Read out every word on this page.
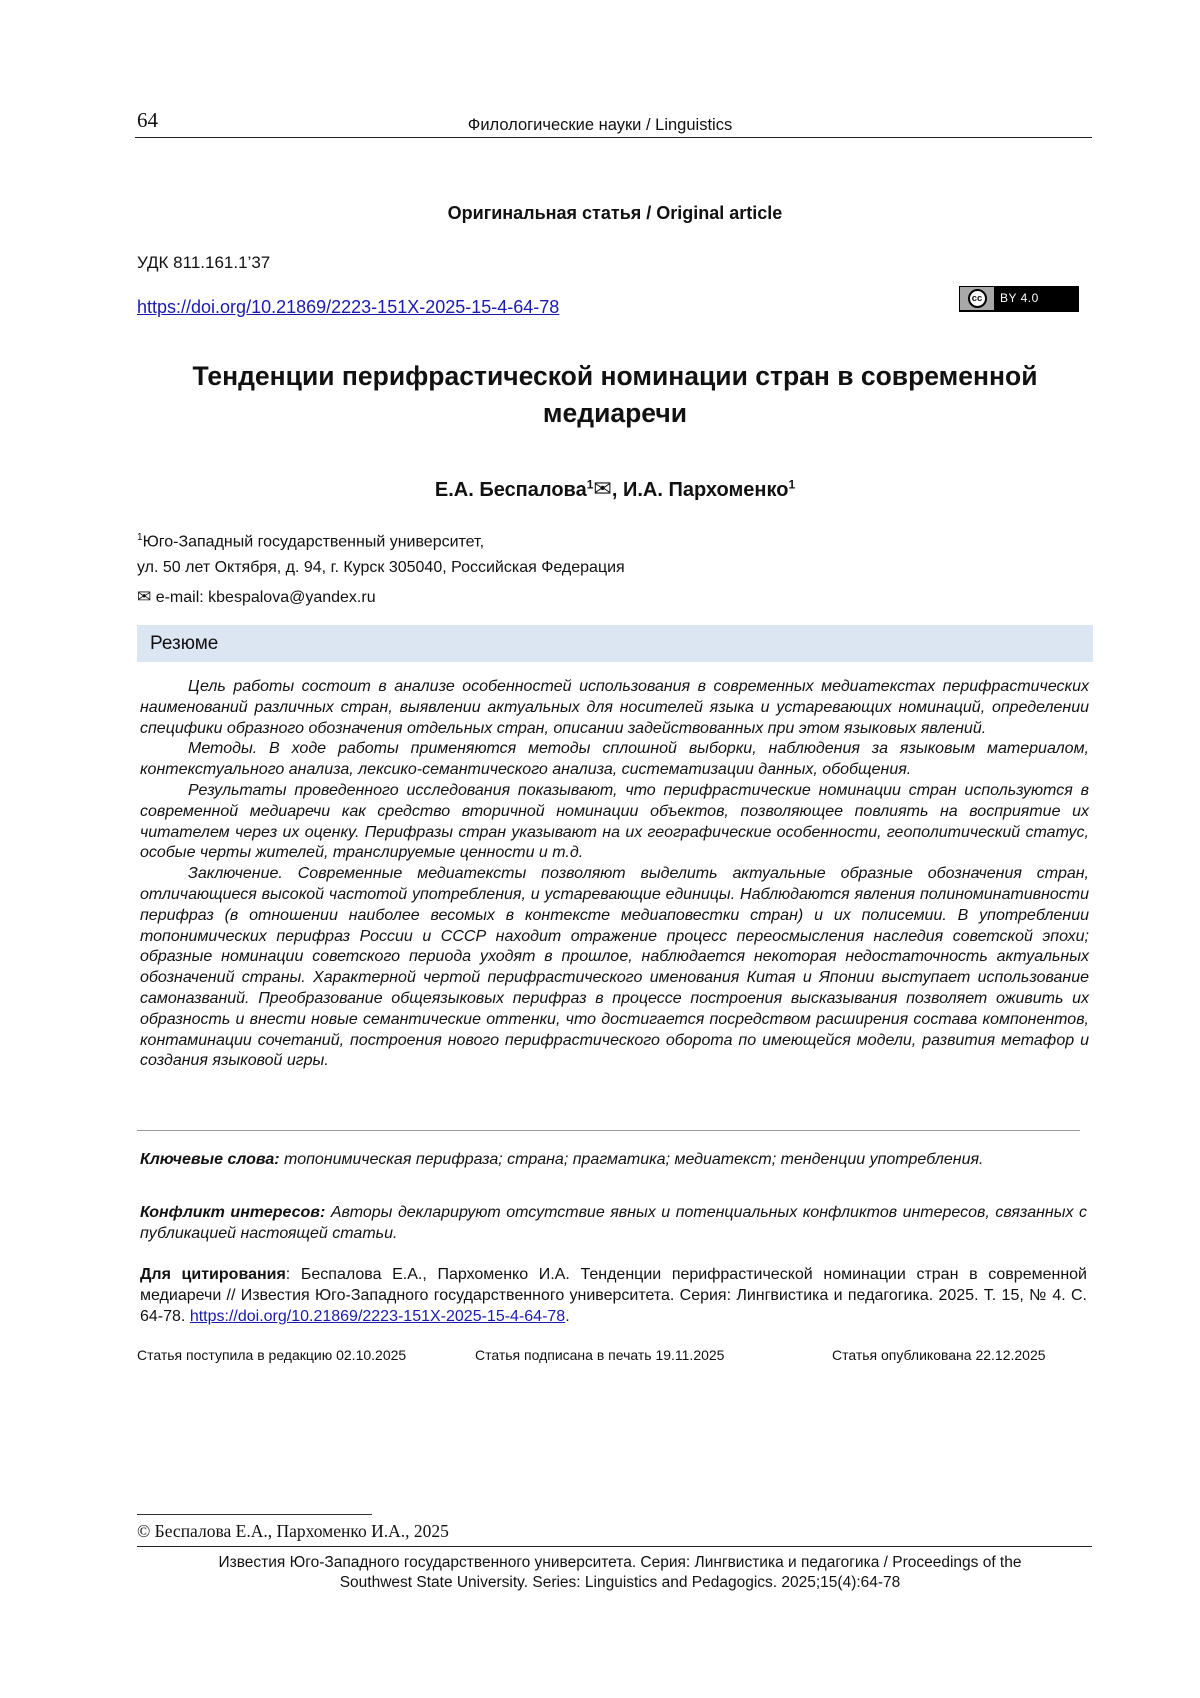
64	Филологические науки / Linguistics
Оригинальная статья / Original article
УДК 811.161.1’37
https://doi.org/10.21869/2223-151X-2025-15-4-64-78	cc	BY 4.0
Тенденции перифрастической номинации стран в современной медиаречи
Е.А. Беспалова$^1$✉, И.А. Пархоменко$^1$
$^1$Юго-Западный государственный университет,
ул. 50 лет Октября, д. 94, г. Курск 305040, Российская Федерация
✉ e-mail: kbespalova@yandex.ru
Резюме

Цель работы состоит в анализе особенностей использования в современных медиатекстах перифрастических наименований различных стран, выявлении актуальных для носителей языка и устаревающих номинаций, определении специфики образного обозначения отдельных стран, описании задействованных при этом языковых явлений.

Методы. В ходе работы применяются методы сплошной выборки, наблюдения за языковым материалом, контекстуального анализа, лексико-семантического анализа, систематизации данных, обобщения.

Результаты проведенного исследования показывают, что перифрастические номинации стран используются в современной медиаречи как средство вторичной номинации объектов, позволяющее повлиять на восприятие их читателем через их оценку. Перифразы стран указывают на их географические особенности, геополитический статус, особые черты жителей, транслируемые ценности и т.д.

Заключение. Современные медиатексты позволяют выделить актуальные образные обозначения стран, отличающиеся высокой частотой употребления, и устаревающие единицы. Наблюдаются явления полиноминативности перифраз (в отношении наиболее весомых в контексте медиаповестки стран) и их полисемии. В употреблении топонимических перифраз России и СССР находит отражение процесс переосмысления наследия советской эпохи; образные номинации советского периода уходят в прошлое, наблюдается некоторая недостаточность актуальных обозначений страны. Характерной чертой перифрастического именования Китая и Японии выступает использование самоназваний. Преобразование общеязыковых перифраз в процессе построения высказывания позволяет оживить их образность и внести новые семантические оттенки, что достигается посредством расширения состава компонентов, контаминации сочетаний, построения нового перифрастического оборота по имеющейся модели, развития метафор и создания языковой игры.

Ключевые слова: топонимическая перифраза; страна; прагматика; медиатекст; тенденции употребления.
Конфликт интересов: Авторы декларируют отсутствие явных и потенциальных конфликтов интересов, связанных с публикацией настоящей статьи.
Для цитирования: Беспалова Е.А., Пархоменко И.А. Тенденции перифрастической номинации стран в современной медиаречи // Известия Юго-Западного государственного университета. Серия: Лингвистика и педагогика. 2025. Т. 15, № 4. С. 64-78. https://doi.org/10.21869/2223-151X-2025-15-4-64-78.
Статья поступила в редакцию 02.10.2025	Статья подписана в печать 19.11.2025	Статья опубликована 22.12.2025
© Беспалова Е.А., Пархоменко И.А., 2025
Известия Юго-Западного государственного университета. Серия: Лингвистика и педагогика / Proceedings of the
Southwest State University. Series: Linguistics and Pedagogics. 2025;15(4):64-78
